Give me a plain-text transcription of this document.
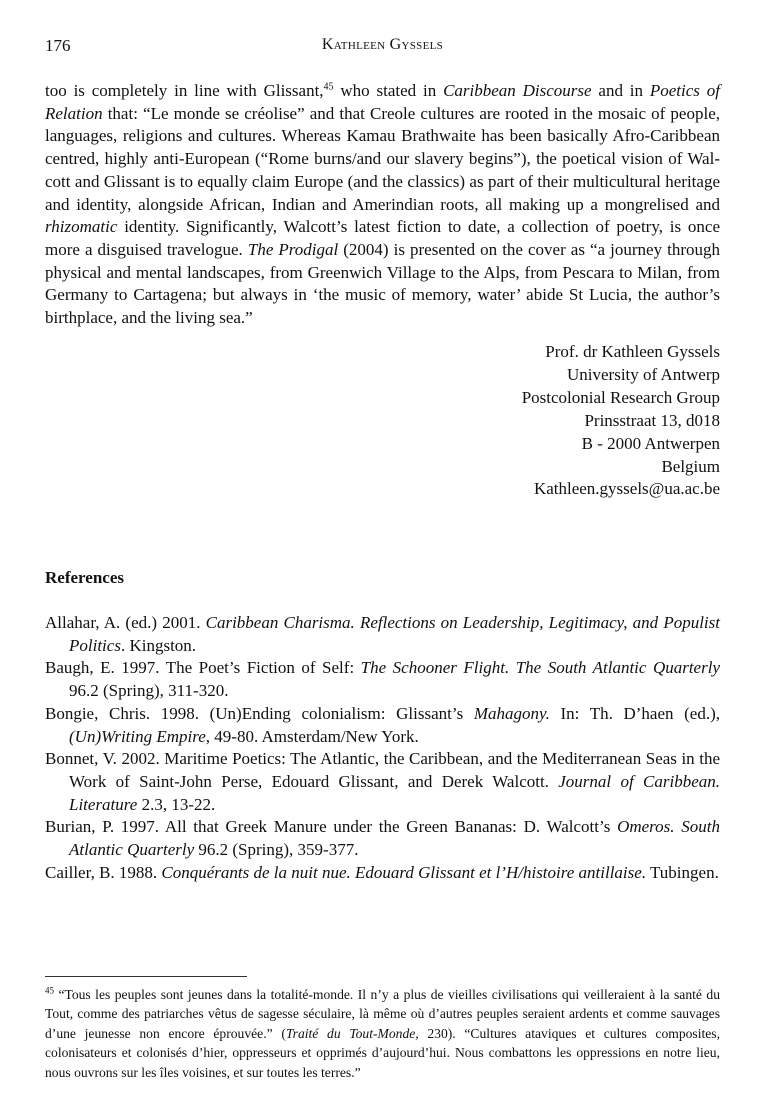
176	Kathleen Gyssels

too is completely in line with Glissant,$^{45}$ who stated in Caribbean Discourse and in Poetics of Relation that: “Le monde se créolise” and that Creole cultures are rooted in the mosaic of people, languages, religions and cultures. Whereas Kamau Brathwaite has been basically Afro-Caribbean centred, highly anti-European (“Rome burns/and our slavery begins”), the poetical vision of Walcott and Glissant is to equally claim Europe (and the classics) as part of their multicultural heritage and identity, alongside African, Indian and Amerindian roots, all making up a mongrelised and rhizomatic identity. Significantly, Walcott’s latest fiction to date, a collection of poetry, is once more a disguised travelogue. The Prodigal (2004) is presented on the cover as “a journey through physical and mental landscapes, from Greenwich Village to the Alps, from Pescara to Milan, from Germany to Cartagena; but always in ‘the music of memory, water’ abide St Lucia, the author’s birthplace, and the living sea.”

Prof. dr Kathleen Gyssels
University of Antwerp
Postcolonial Research Group
Prinsstraat 13, d018
B - 2000 Antwerpen
Belgium
Kathleen.gyssels@ua.ac.be
References

Allahar, A. (ed.) 2001. Caribbean Charisma. Reflections on Leadership, Legitimacy, and Populist Politics. Kingston.

Baugh, E. 1997. The Poet’s Fiction of Self: The Schooner Flight. The South Atlantic Quarterly 96.2 (Spring), 311-320.

Bongie, Chris. 1998. (Un)Ending colonialism: Glissant’s Mahagony. In: Th. D’haen (ed.), (Un)Writing Empire, 49-80. Amsterdam/New York.

Bonnet, V. 2002. Maritime Poetics: The Atlantic, the Caribbean, and the Mediterranean Seas in the Work of Saint-John Perse, Edouard Glissant, and Derek Walcott. Journal of Caribbean. Literature 2.3, 13-22.

Burian, P. 1997. All that Greek Manure under the Green Bananas: D. Walcott’s Omeros. South Atlantic Quarterly 96.2 (Spring), 359-377.

Cailler, B. 1988. Conquérants de la nuit nue. Edouard Glissant et l’H/histoire antillaise. Tubingen.

$^{45}$ “Tous les peuples sont jeunes dans la totalité-monde. Il n’y a plus de vieilles civilisations qui veilleraient à la santé du Tout, comme des patriarches vêtus de sagesse séculaire, là même où d’autres peuples seraient ardents et comme sauvages d’une jeunesse non encore éprouvée.” (Traité du Tout-Monde, 230). “Cultures ataviques et cultures composites, colonisateurs et colonisés d’hier, oppresseurs et opprimés d’aujourd’hui. Nous combattons les oppressions en notre lieu, nous ouvrons sur les îles voisines, et sur toutes les terres.”
